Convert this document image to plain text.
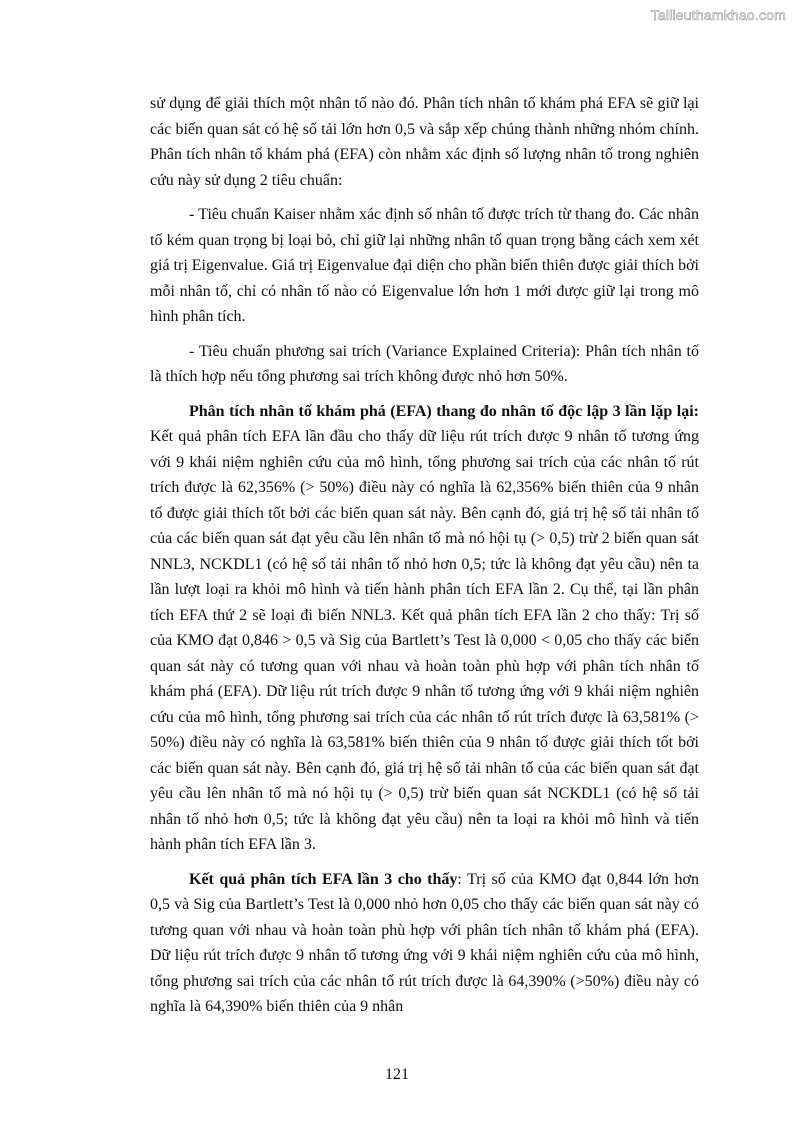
Tailieuthamkhao.com

sử dụng để giải thích một nhân tố nào đó. Phân tích nhân tố khám phá EFA sẽ giữ lại các biến quan sát có hệ số tải lớn hơn 0,5 và sắp xếp chúng thành những nhóm chính. Phân tích nhân tố khám phá (EFA) còn nhằm xác định số lượng nhân tố trong nghiên cứu này sử dụng 2 tiêu chuẩn:

- Tiêu chuẩn Kaiser nhằm xác định số nhân tố được trích từ thang đo. Các nhân tố kém quan trọng bị loại bỏ, chỉ giữ lại những nhân tố quan trọng bằng cách xem xét giá trị Eigenvalue. Giá trị Eigenvalue đại diện cho phần biến thiên được giải thích bởi mỗi nhân tố, chỉ có nhân tố nào có Eigenvalue lớn hơn 1 mới được giữ lại trong mô hình phân tích.

- Tiêu chuẩn phương sai trích (Variance Explained Criteria): Phân tích nhân tố là thích hợp nếu tổng phương sai trích không được nhỏ hơn 50%.

Phân tích nhân tố khám phá (EFA) thang đo nhân tố độc lập 3 lần lặp lại: Kết quả phân tích EFA lần đầu cho thấy dữ liệu rút trích được 9 nhân tố tương ứng với 9 khái niệm nghiên cứu của mô hình, tổng phương sai trích của các nhân tố rút trích được là 62,356% (> 50%) điều này có nghĩa là 62,356% biến thiên của 9 nhân tố được giải thích tốt bởi các biến quan sát này. Bên cạnh đó, giá trị hệ số tải nhân tố của các biến quan sát đạt yêu cầu lên nhân tố mà nó hội tụ (> 0,5) trừ 2 biến quan sát NNL3, NCKDL1 (có hệ số tải nhân tố nhỏ hơn 0,5; tức là không đạt yêu cầu) nên ta lần lượt loại ra khỏi mô hình và tiến hành phân tích EFA lần 2. Cụ thể, tại lần phân tích EFA thứ 2 sẽ loại đi biến NNL3. Kết quả phân tích EFA lần 2 cho thấy: Trị số của KMO đạt 0,846 > 0,5 và Sig của Bartlett’s Test là 0,000 < 0,05 cho thấy các biến quan sát này có tương quan với nhau và hoàn toàn phù hợp với phân tích nhân tố khám phá (EFA). Dữ liệu rút trích được 9 nhân tố tương ứng với 9 khái niệm nghiên cứu của mô hình, tổng phương sai trích của các nhân tố rút trích được là 63,581% (> 50%) điều này có nghĩa là 63,581% biến thiên của 9 nhân tố được giải thích tốt bởi các biến quan sát này. Bên cạnh đó, giá trị hệ số tải nhân tố của các biến quan sát đạt yêu cầu lên nhân tố mà nó hội tụ (> 0,5) trừ biến quan sát NCKDL1 (có hệ số tải nhân tố nhỏ hơn 0,5; tức là không đạt yêu cầu) nên ta loại ra khỏi mô hình và tiến hành phân tích EFA lần 3.

Kết quả phân tích EFA lần 3 cho thấy: Trị số của KMO đạt 0,844 lớn hơn 0,5 và Sig của Bartlett’s Test là 0,000 nhỏ hơn 0,05 cho thấy các biến quan sát này có tương quan với nhau và hoàn toàn phù hợp với phân tích nhân tố khám phá (EFA). Dữ liệu rút trích được 9 nhân tố tương ứng với 9 khái niệm nghiên cứu của mô hình, tổng phương sai trích của các nhân tố rút trích được là 64,390% (>50%) điều này có nghĩa là 64,390% biến thiên của 9 nhân

121
